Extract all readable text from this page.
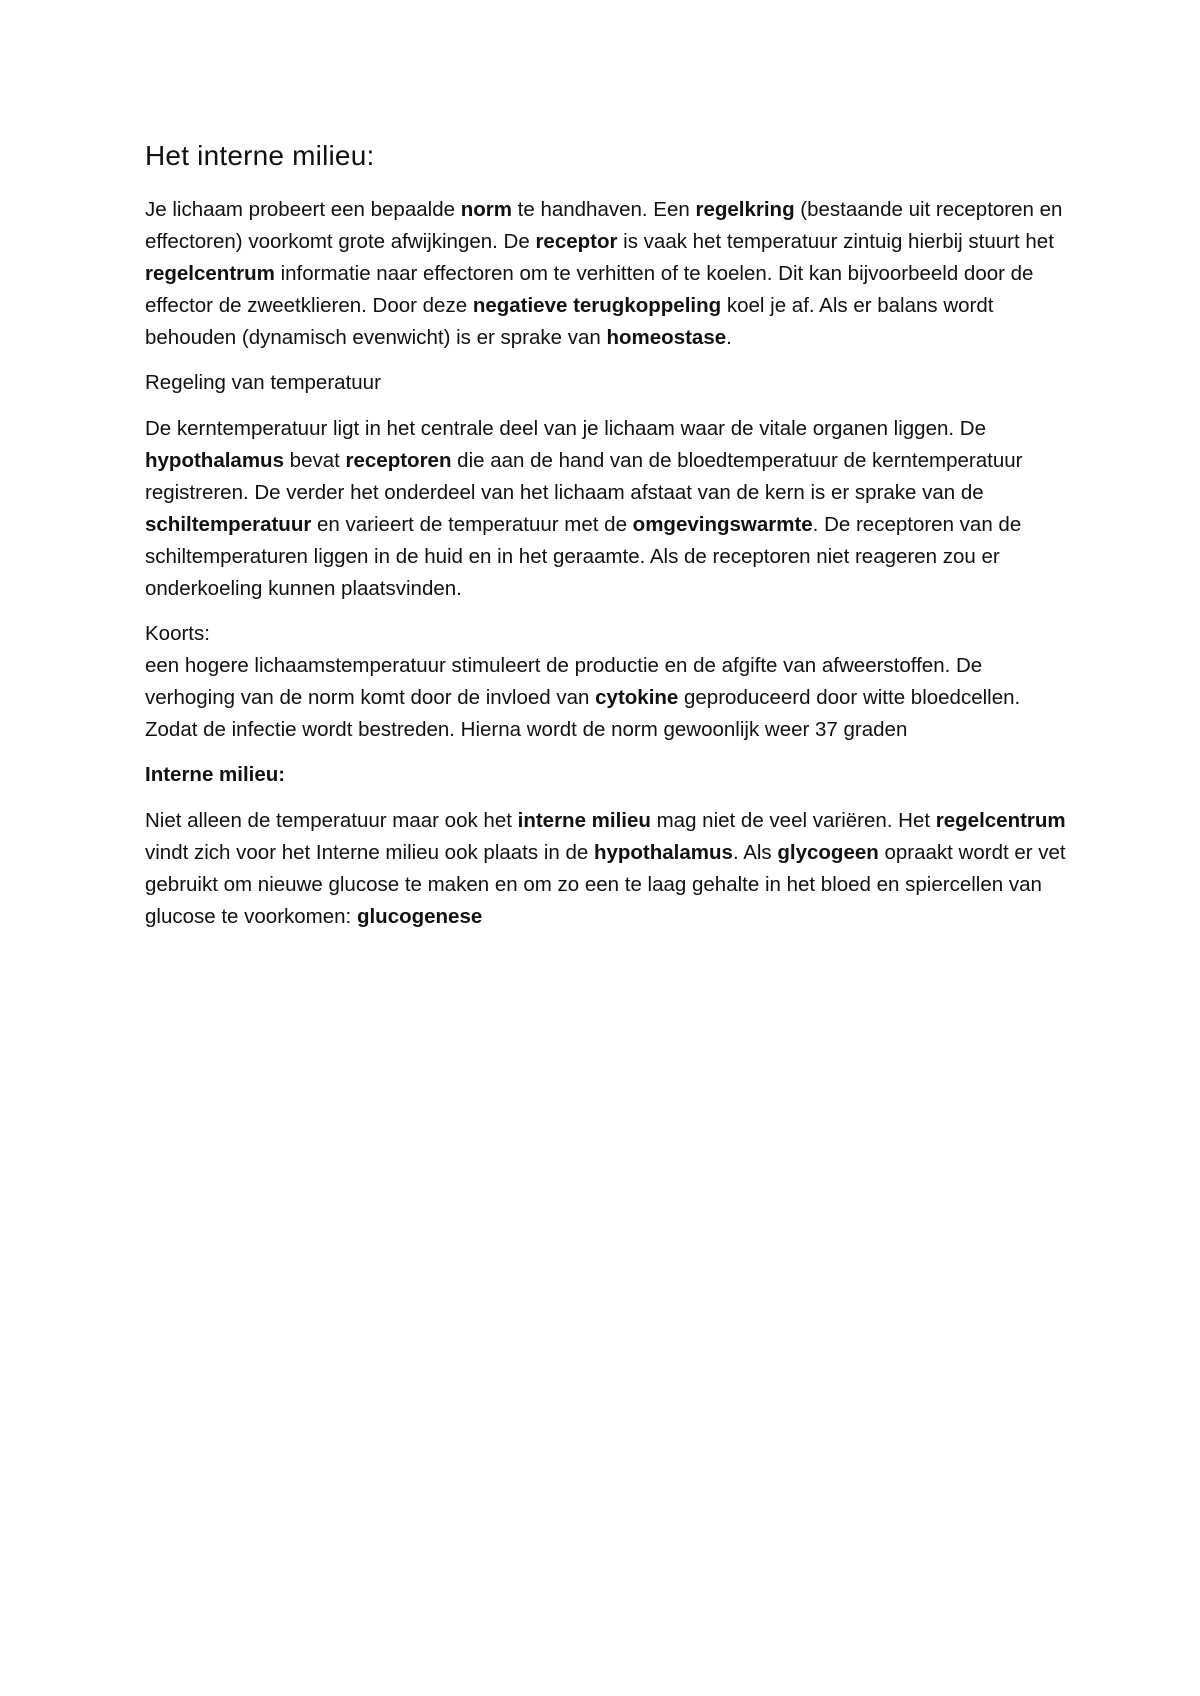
Het interne milieu:

Je lichaam probeert een bepaalde norm te handhaven. Een regelkring (bestaande uit receptoren en effectoren) voorkomt grote afwijkingen. De receptor is vaak het temperatuur zintuig hierbij stuurt het regelcentrum informatie naar effectoren om te verhitten of te koelen. Dit kan bijvoorbeeld door de effector de zweetklieren. Door deze negatieve terugkoppeling koel je af. Als er balans wordt behouden (dynamisch evenwicht) is er sprake van homeostase.

Regeling van temperatuur

De kerntemperatuur ligt in het centrale deel van je lichaam waar de vitale organen liggen. De hypothalamus bevat receptoren die aan de hand van de bloedtemperatuur de kerntemperatuur registreren. De verder het onderdeel van het lichaam afstaat van de kern is er sprake van de schiltemperatuur en varieert de temperatuur met de omgevingswarmte. De receptoren van de schiltemperaturen liggen in de huid en in het geraamte. Als de receptoren niet reageren zou er onderkoeling kunnen plaatsvinden.

Koorts:

een hogere lichaamstemperatuur stimuleert de productie en de afgifte van afweerstoffen. De verhoging van de norm komt door de invloed van cytokine geproduceerd door witte bloedcellen. Zodat de infectie wordt bestreden. Hierna wordt de norm gewoonlijk weer 37 graden

Interne milieu:

Niet alleen de temperatuur maar ook het interne milieu mag niet de veel variëren. Het regelcentrum vindt zich voor het Interne milieu ook plaats in de hypothalamus. Als glycogeen opraakt wordt er vet gebruikt om nieuwe glucose te maken en om zo een te laag gehalte in het bloed en spiercellen van glucose te voorkomen: glucogenese
